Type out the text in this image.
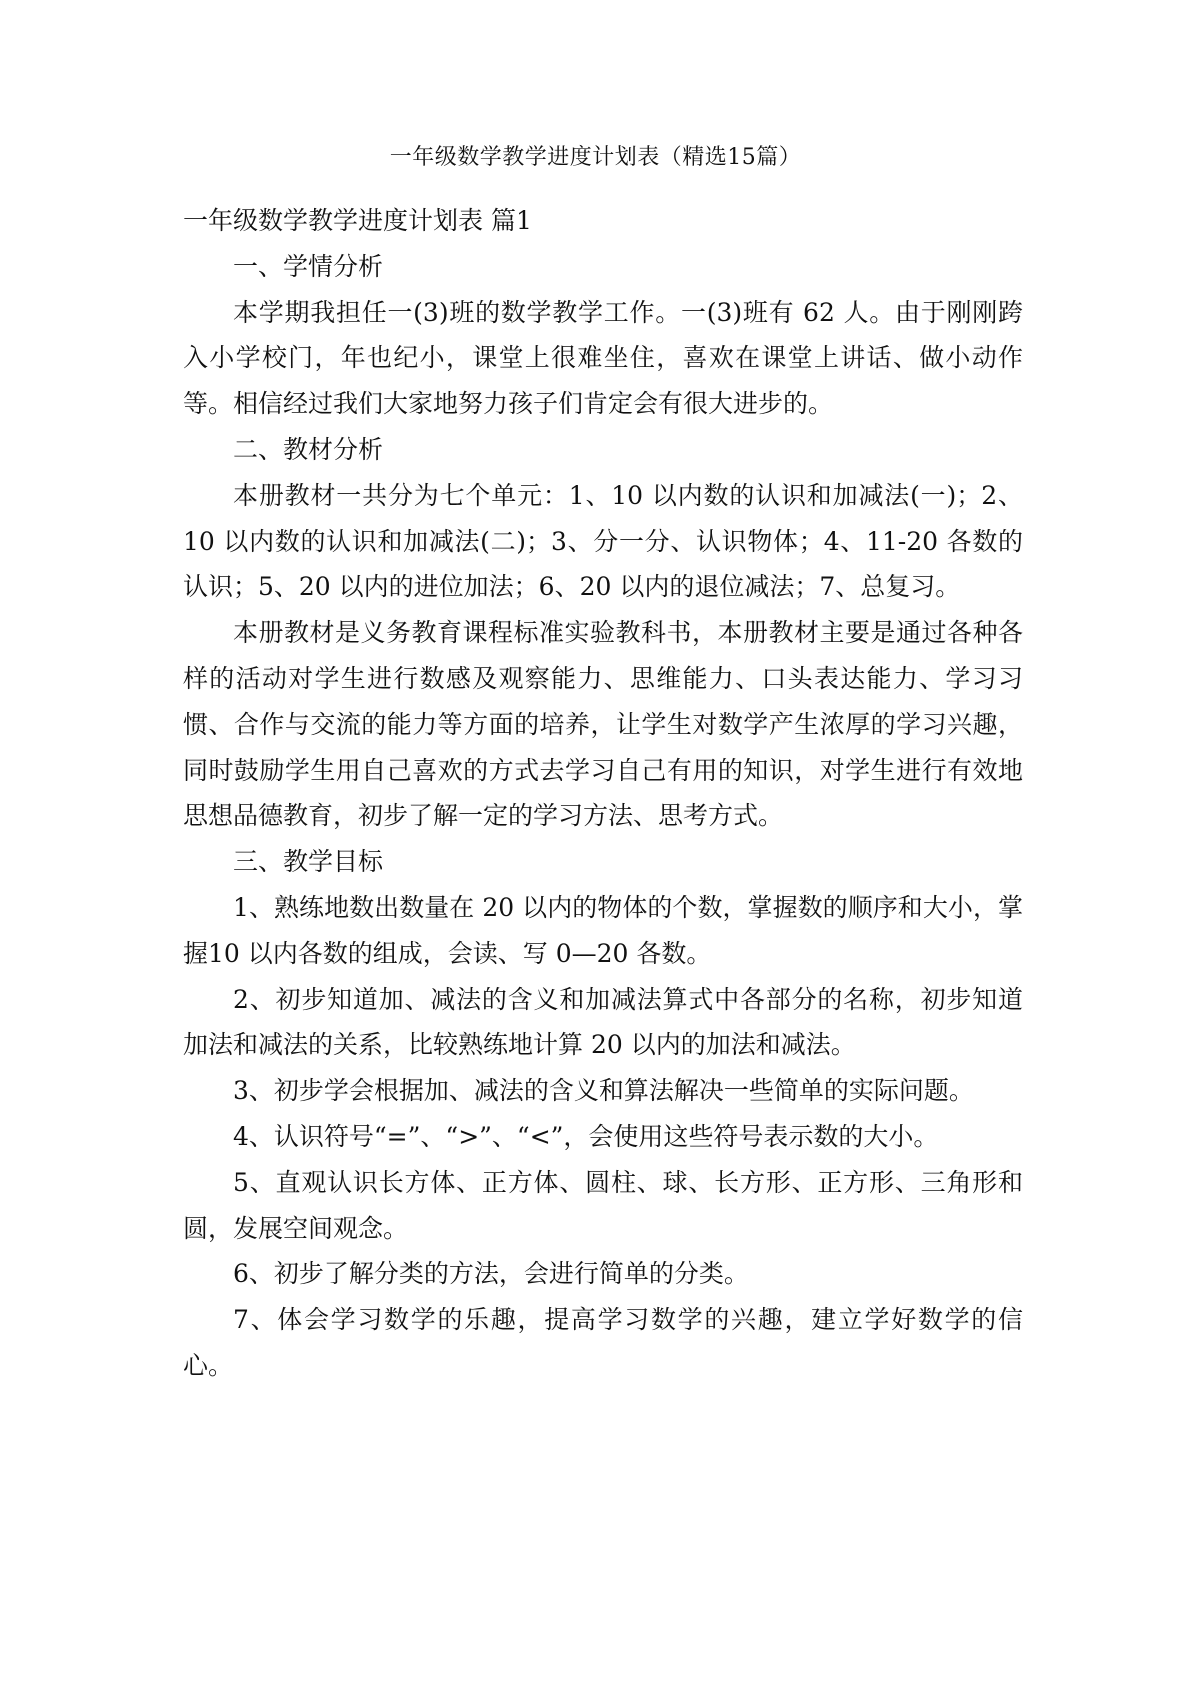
一年级数学教学进度计划表（精选15篇）
一年级数学教学进度计划表 篇1

一、学情分析

本学期我担任一(3)班的数学教学工作。一(3)班有 62 人。由于刚刚跨入小学校门，年也纪小，课堂上很难坐住，喜欢在课堂上讲话、做小动作等。相信经过我们大家地努力孩子们肯定会有很大进步的。

二、教材分析

本册教材一共分为七个单元：1、10 以内数的认识和加减法(一)；2、10 以内数的认识和加减法(二)；3、分一分、认识物体；4、11-20 各数的认识；5、20 以内的进位加法；6、20 以内的退位减法；7、总复习。

本册教材是义务教育课程标准实验教科书，本册教材主要是通过各种各样的活动对学生进行数感及观察能力、思维能力、口头表达能力、学习习惯、合作与交流的能力等方面的培养，让学生对数学产生浓厚的学习兴趣，同时鼓励学生用自己喜欢的方式去学习自己有用的知识，对学生进行有效地思想品德教育，初步了解一定的学习方法、思考方式。

三、教学目标

1、熟练地数出数量在 20 以内的物体的个数，掌握数的顺序和大小，掌握10 以内各数的组成，会读、写 0—20 各数。

2、初步知道加、减法的含义和加减法算式中各部分的名称，初步知道加法和减法的关系，比较熟练地计算 20 以内的加法和减法。

3、初步学会根据加、减法的含义和算法解决一些简单的实际问题。

4、认识符号“=”、“>”、“<”，会使用这些符号表示数的大小。

5、直观认识长方体、正方体、圆柱、球、长方形、正方形、三角形和圆，发展空间观念。

6、初步了解分类的方法，会进行简单的分类。

7、体会学习数学的乐趣，提高学习数学的兴趣，建立学好数学的信心。
